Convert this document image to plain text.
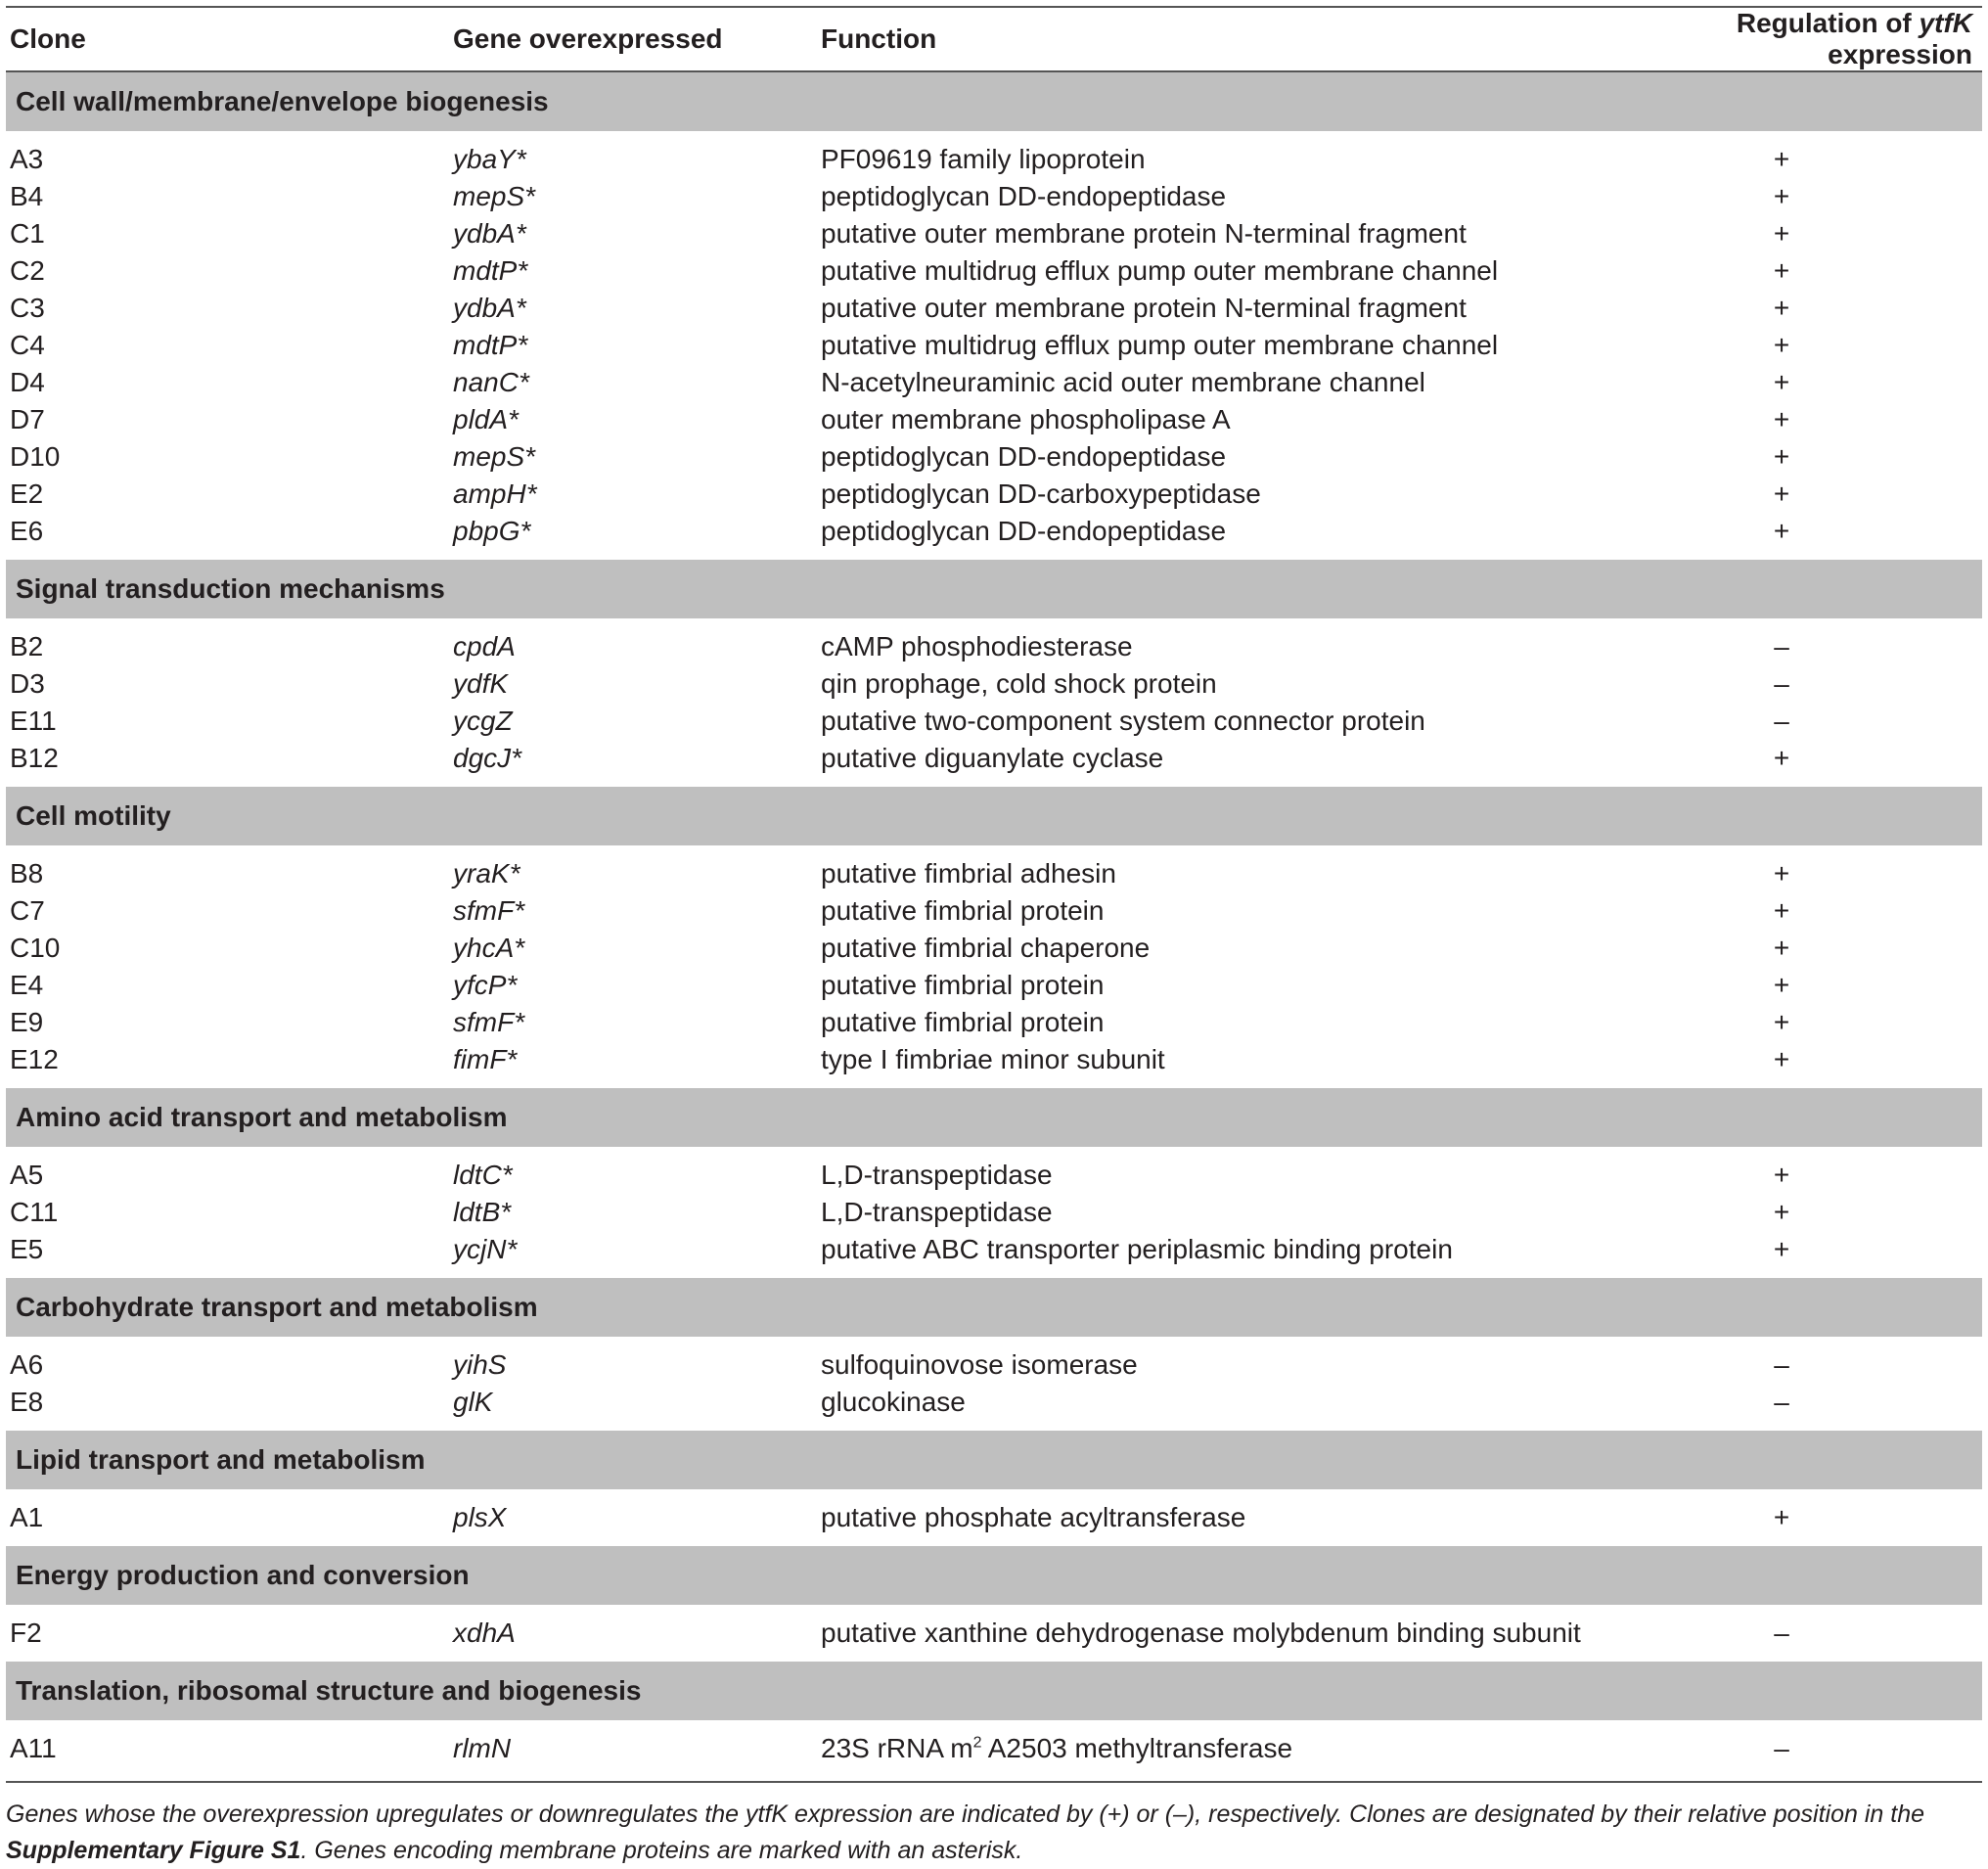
Clone	Gene overexpressed	Function	Regulation of ytfK expression
Cell wall/membrane/envelope biogenesis			
A3	ybaY*	PF09619 family lipoprotein	+
B4	mepS*	peptidoglycan DD-endopeptidase	+
C1	ydbA*	putative outer membrane protein N-terminal fragment	+
C2	mdtP*	putative multidrug efflux pump outer membrane channel	+
C3	ydbA*	putative outer membrane protein N-terminal fragment	+
C4	mdtP*	putative multidrug efflux pump outer membrane channel	+
D4	nanC*	N-acetylneuraminic acid outer membrane channel	+
D7	pldA*	outer membrane phospholipase A	+
D10	mepS*	peptidoglycan DD-endopeptidase	+
E2	ampH*	peptidoglycan DD-carboxypeptidase	+
E6	pbpG*	peptidoglycan DD-endopeptidase	+
Signal transduction mechanisms			
B2	cpdA	cAMP phosphodiesterase	–
D3	ydfK	qin prophage, cold shock protein	–
E11	ycgZ	putative two-component system connector protein	–
B12	dgcJ*	putative diguanylate cyclase	+
Cell motility			
B8	yraK*	putative fimbrial adhesin	+
C7	sfmF*	putative fimbrial protein	+
C10	yhcA*	putative fimbrial chaperone	+
E4	yfcP*	putative fimbrial protein	+
E9	sfmF*	putative fimbrial protein	+
E12	fimF*	type I fimbriae minor subunit	+
Amino acid transport and metabolism			
A5	ldtC*	L,D-transpeptidase	+
C11	ldtB*	L,D-transpeptidase	+
E5	ycjN*	putative ABC transporter periplasmic binding protein	+
Carbohydrate transport and metabolism			
A6	yihS	sulfoquinovose isomerase	–
E8	glK	glucokinase	–
Lipid transport and metabolism			
A1	plsX	putative phosphate acyltransferase	+
Energy production and conversion			
F2	xdhA	putative xanthine dehydrogenase molybdenum binding subunit	–
Translation, ribosomal structure and biogenesis			
A11	rlmN	23S rRNA $m^2$ A2503 methyltransferase	–
Genes whose the overexpression upregulates or downregulates the ytfK expression are indicated by (+) or (–), respectively. Clones are designated by their relative position in the Supplementary Figure S1. Genes encoding membrane proteins are marked with an asterisk.
